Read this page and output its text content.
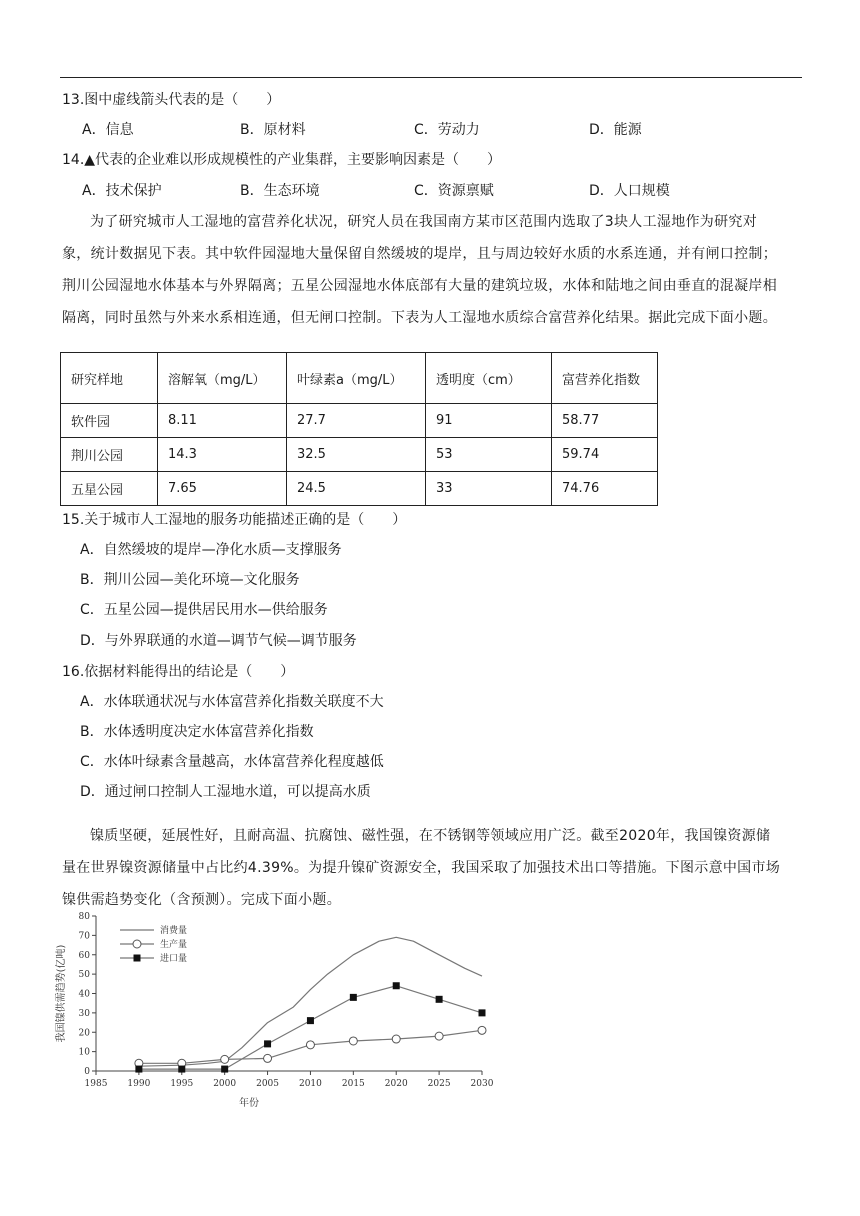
13.图中虚线箭头代表的是（　　）
A．信息	B．原材料	C．劳动力	D．能源
14.▲代表的企业难以形成规模性的产业集群，主要影响因素是（　　）
A．技术保护	B．生态环境	C．资源禀赋	D．人口规模
为了研究城市人工湿地的富营养化状况，研究人员在我国南方某市区范围内选取了3块人工湿地作为研究对象，统计数据见下表。其中软件园湿地大量保留自然缓坡的堤岸，且与周边较好水质的水系连通，并有闸口控制；荆川公园湿地水体基本与外界隔离；五星公园湿地水体底部有大量的建筑垃圾，水体和陆地之间由垂直的混凝岸相隔离，同时虽然与外来水系相连通，但无闸口控制。下表为人工湿地水质综合富营养化结果。据此完成下面小题。
研究样地	溶解氧（mg/L）	叶绿素a（mg/L）	透明度（cm）	富营养化指数
软件园	8.11	27.7	91	58.77
荆川公园	14.3	32.5	53	59.74
五星公园	7.65	24.5	33	74.76
15.关于城市人工湿地的服务功能描述正确的是（　　）
A．自然缓坡的堤岸—净化水质—支撑服务
B．荆川公园—美化环境—文化服务
C．五星公园—提供居民用水—供给服务
D．与外界联通的水道—调节气候—调节服务
16.依据材料能得出的结论是（　　）
A．水体联通状况与水体富营养化指数关联度不大
B．水体透明度决定水体富营养化指数
C．水体叶绿素含量越高，水体富营养化程度越低
D．通过闸口控制人工湿地水道，可以提高水质
镍质坚硬，延展性好，且耐高温、抗腐蚀、磁性强，在不锈钢等领域应用广泛。截至2020年，我国镍资源储量在世界镍资源储量中占比约4.39%。为提升镍矿资源安全，我国采取了加强技术出口等措施。下图示意中国市场镍供需趋势变化（含预测）。完成下面小题。
0
10
20
30
40
50
60
70
80
1985 1990 1995 2000 2005 2010 2015 2020 2025 2030
年份
我国镍供需趋势(亿吨)
消费量
生产量
进口量
